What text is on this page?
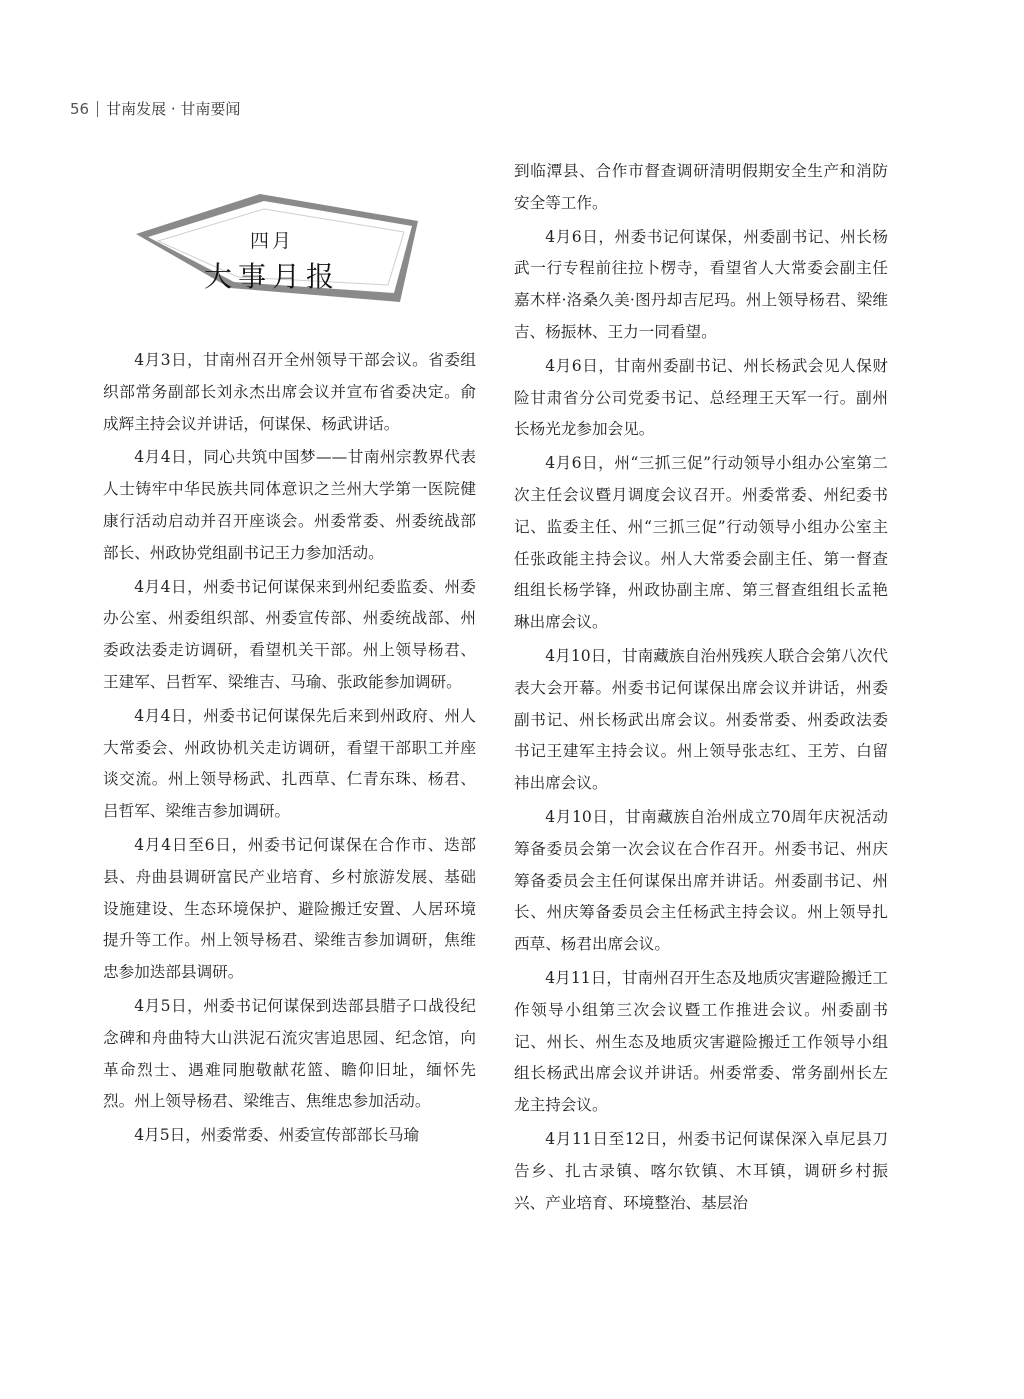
56 甘南发展 · 甘南要闻
四月
大事月报

4月3日，甘南州召开全州领导干部会议。省委组织部常务副部长刘永杰出席会议并宣布省委决定。俞成辉主持会议并讲话，何谋保、杨武讲话。

4月4日，同心共筑中国梦——甘南州宗教界代表人士铸牢中华民族共同体意识之兰州大学第一医院健康行活动启动并召开座谈会。州委常委、州委统战部部长、州政协党组副书记王力参加活动。

4月4日，州委书记何谋保来到州纪委监委、州委办公室、州委组织部、州委宣传部、州委统战部、州委政法委走访调研，看望机关干部。州上领导杨君、王建军、吕哲军、梁维吉、马瑜、张政能参加调研。

4月4日，州委书记何谋保先后来到州政府、州人大常委会、州政协机关走访调研，看望干部职工并座谈交流。州上领导杨武、扎西草、仁青东珠、杨君、吕哲军、梁维吉参加调研。

4月4日至6日，州委书记何谋保在合作市、迭部县、舟曲县调研富民产业培育、乡村旅游发展、基础设施建设、生态环境保护、避险搬迁安置、人居环境提升等工作。州上领导杨君、梁维吉参加调研，焦维忠参加迭部县调研。

4月5日，州委书记何谋保到迭部县腊子口战役纪念碑和舟曲特大山洪泥石流灾害追思园、纪念馆，向革命烈士、遇难同胞敬献花篮、瞻仰旧址，缅怀先烈。州上领导杨君、梁维吉、焦维忠参加活动。

4月5日，州委常委、州委宣传部部长马瑜

到临潭县、合作市督查调研清明假期安全生产和消防安全等工作。

4月6日，州委书记何谋保，州委副书记、州长杨武一行专程前往拉卜楞寺，看望省人大常委会副主任嘉木样·洛桑久美·图丹却吉尼玛。州上领导杨君、梁维吉、杨振林、王力一同看望。

4月6日，甘南州委副书记、州长杨武会见人保财险甘肃省分公司党委书记、总经理王天军一行。副州长杨光龙参加会见。

4月6日，州“三抓三促”行动领导小组办公室第二次主任会议暨月调度会议召开。州委常委、州纪委书记、监委主任、州“三抓三促”行动领导小组办公室主任张政能主持会议。州人大常委会副主任、第一督查组组长杨学锋，州政协副主席、第三督查组组长孟艳琳出席会议。

4月10日，甘南藏族自治州残疾人联合会第八次代表大会开幕。州委书记何谋保出席会议并讲话，州委副书记、州长杨武出席会议。州委常委、州委政法委书记王建军主持会议。州上领导张志红、王芳、白留祎出席会议。

4月10日，甘南藏族自治州成立70周年庆祝活动筹备委员会第一次会议在合作召开。州委书记、州庆筹备委员会主任何谋保出席并讲话。州委副书记、州长、州庆筹备委员会主任杨武主持会议。州上领导扎西草、杨君出席会议。

4月11日，甘南州召开生态及地质灾害避险搬迁工作领导小组第三次会议暨工作推进会议。州委副书记、州长、州生态及地质灾害避险搬迁工作领导小组组长杨武出席会议并讲话。州委常委、常务副州长左龙主持会议。

4月11日至12日，州委书记何谋保深入卓尼县刀告乡、扎古录镇、喀尔钦镇、木耳镇，调研乡村振兴、产业培育、环境整治、基层治
